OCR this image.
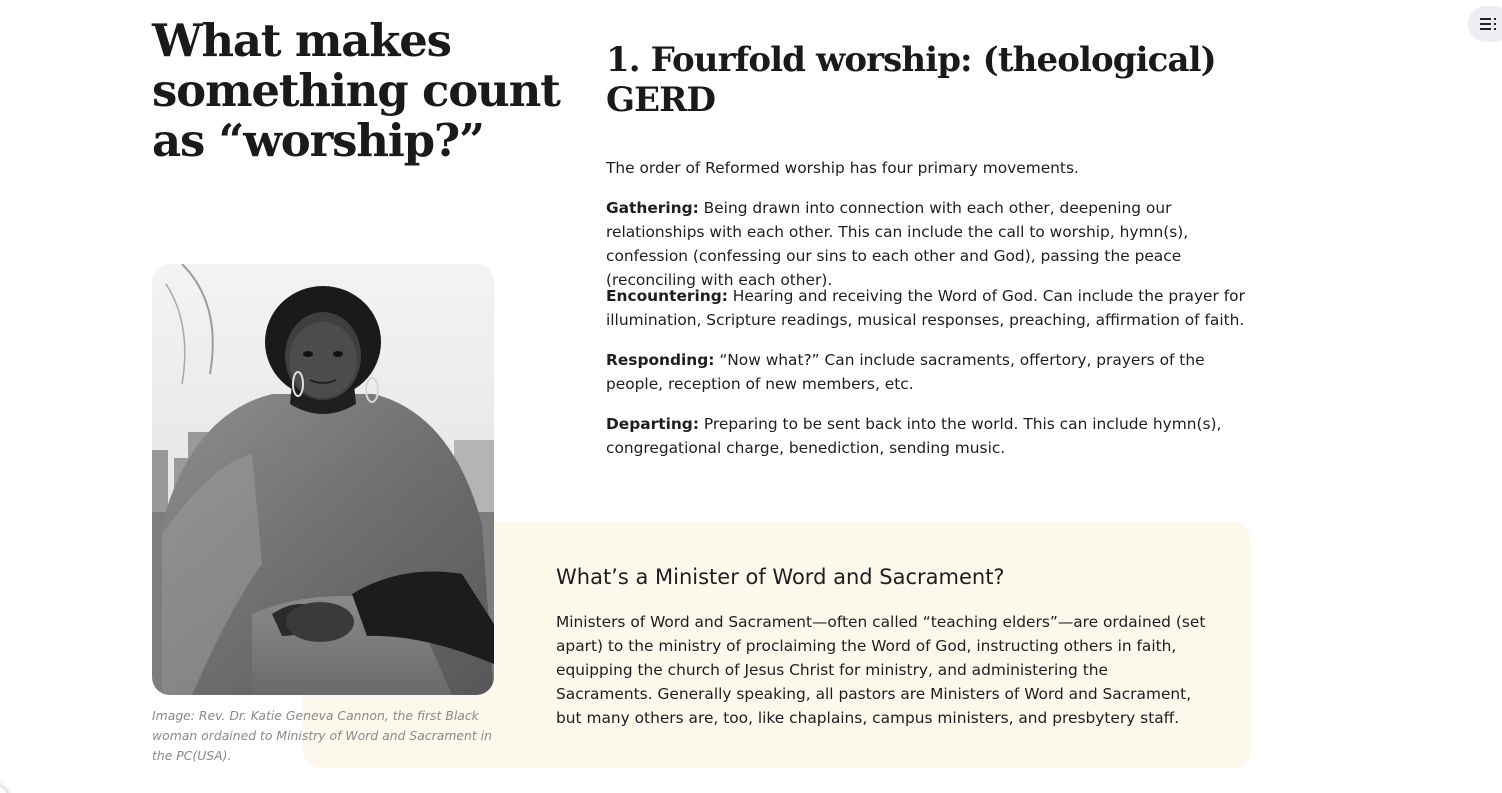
What makes something count as “worship?”
What’s a Minister of Word and Sacrament?

Ministers of Word and Sacrament—often called “teaching elders”—are ordained (set apart) to the ministry of proclaiming the Word of God, instructing others in faith, equipping the church of Jesus Christ for ministry, and administering the Sacraments. Generally speaking, all pastors are Ministers of Word and Sacrament, but many others are, too, like chaplains, campus ministers, and presbytery staff.

Image: Rev. Dr. Katie Geneva Cannon, the first Black woman ordained to Ministry of Word and Sacrament in the PC(USA).
1. Fourfold worship: (theological) GERD

The order of Reformed worship has four primary movements.

Gathering: Being drawn into connection with each other, deepening our relationships with each other. This can include the call to worship, hymn(s), confession (confessing our sins to each other and God), passing the peace (reconciling with each other).

Encountering: Hearing and receiving the Word of God. Can include the prayer for illumination, Scripture readings, musical responses, preaching, affirmation of faith.

Responding: “Now what?” Can include sacraments, offertory, prayers of the people, reception of new members, etc.

Departing: Preparing to be sent back into the world. This can include hymn(s), congregational charge, benediction, sending music.
